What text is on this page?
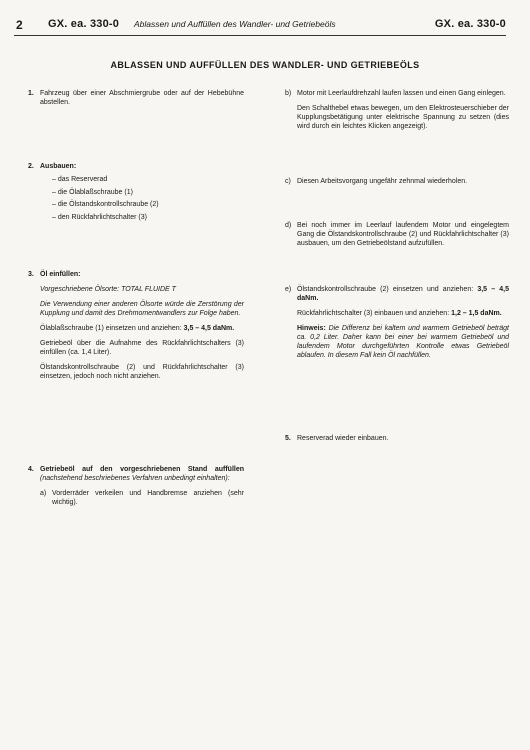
2 GX. ea. 330-0 Ablassen und Auffüllen des Wandler- und Getriebeöls	GX. ea. 330-0
ABLASSEN UND AUFFÜLLEN DES WANDLER- UND GETRIEBEÖLS
1. Fahrzeug über einer Abschmiergrube oder auf der Hebebühne abstellen.

2. Ausbauen:

– das Reserverad
– die Ölablaßschraube (1)
– die Ölstandskontrollschraube (2)
– den Rückfahrlichtschalter (3)
3. Öl einfüllen:

Vorgeschriebene Ölsorte: TOTAL FLUIDE T

Die Verwendung einer anderen Ölsorte würde die Zerstörung der Kupplung und damit des Drehmomentwandlers zur Folge haben.

Ölablaßschraube (1) einsetzen und anziehen: 3,5 – 4,5 daNm.

Getriebeöl über die Aufnahme des Rückfahrlichtschalters (3) einfüllen (ca. 1,4 Liter).

Ölstandskontrollschraube (2) und Rückfahrlichtschalter (3) einsetzen, jedoch noch nicht anziehen.

4. Getriebeöl auf den vorgeschriebenen Stand auffüllen (nachstehend beschriebenes Verfahren unbedingt einhalten):

a) Vorderräder verkeilen und Handbremse anziehen (sehr wichtig).

b) Motor mit Leerlaufdrehzahl laufen lassen und einen Gang einlegen.

Den Schalthebel etwas bewegen, um den Elektrosteuerschieber der Kupplungsbetätigung unter elektrische Spannung zu setzen (dies wird durch ein leichtes Klicken angezeigt).

c) Diesen Arbeitsvorgang ungefähr zehnmal wiederholen.

d) Bei noch immer im Leerlauf laufendem Motor und eingelegtem Gang die Ölstandskontrollschraube (2) und Rückfahrlichtschalter (3) ausbauen, um den Getriebeölstand aufzufüllen.

e) Ölstandskontrollschraube (2) einsetzen und anziehen: 3,5 – 4,5 daNm.

Rückfahrlichtschalter (3) einbauen und anziehen: 1,2 – 1,5 daNm.

Hinweis: Die Differenz bei kaltem und warmem Getriebeöl beträgt ca. 0,2 Liter. Daher kann bei einer bei warmem Getriebeöl und laufendem Motor durchgeführten Kontrolle etwas Getriebeöl ablaufen. In diesem Fall kein Öl nachfüllen.

5. Reserverad wieder einbauen.
